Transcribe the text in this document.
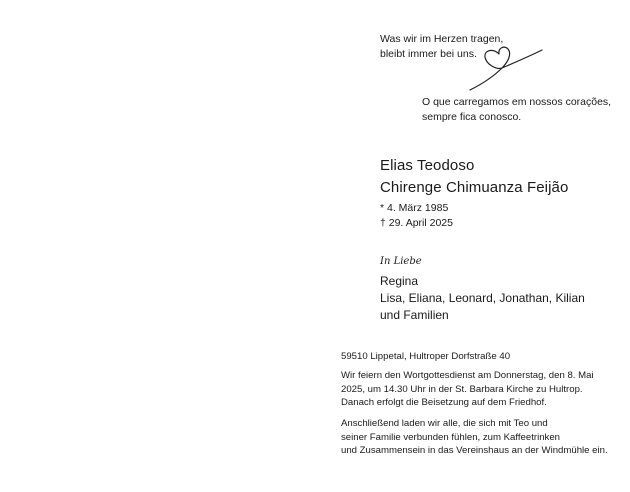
Was wir im Herzen tragen,
bleibt immer bei uns.
O que carregamos em nossos corações,
sempre fica conosco.
Elias Teodoso
Chirenge Chimuanza Feijão
* 4. März 1985
† 29. April 2025
In Liebe
Regina
Lisa, Eliana, Leonard, Jonathan, Kilian
und Familien
59510 Lippetal, Hultroper Dorfstraße 40
Wir feiern den Wortgottesdienst am Donnerstag, den 8. Mai
2025, um 14.30 Uhr in der St. Barbara Kirche zu Hultrop.
Danach erfolgt die Beisetzung auf dem Friedhof.
Anschließend laden wir alle, die sich mit Teo und
seiner Familie verbunden fühlen, zum Kaffeetrinken
und Zusammensein in das Vereinshaus an der Windmühle ein.
